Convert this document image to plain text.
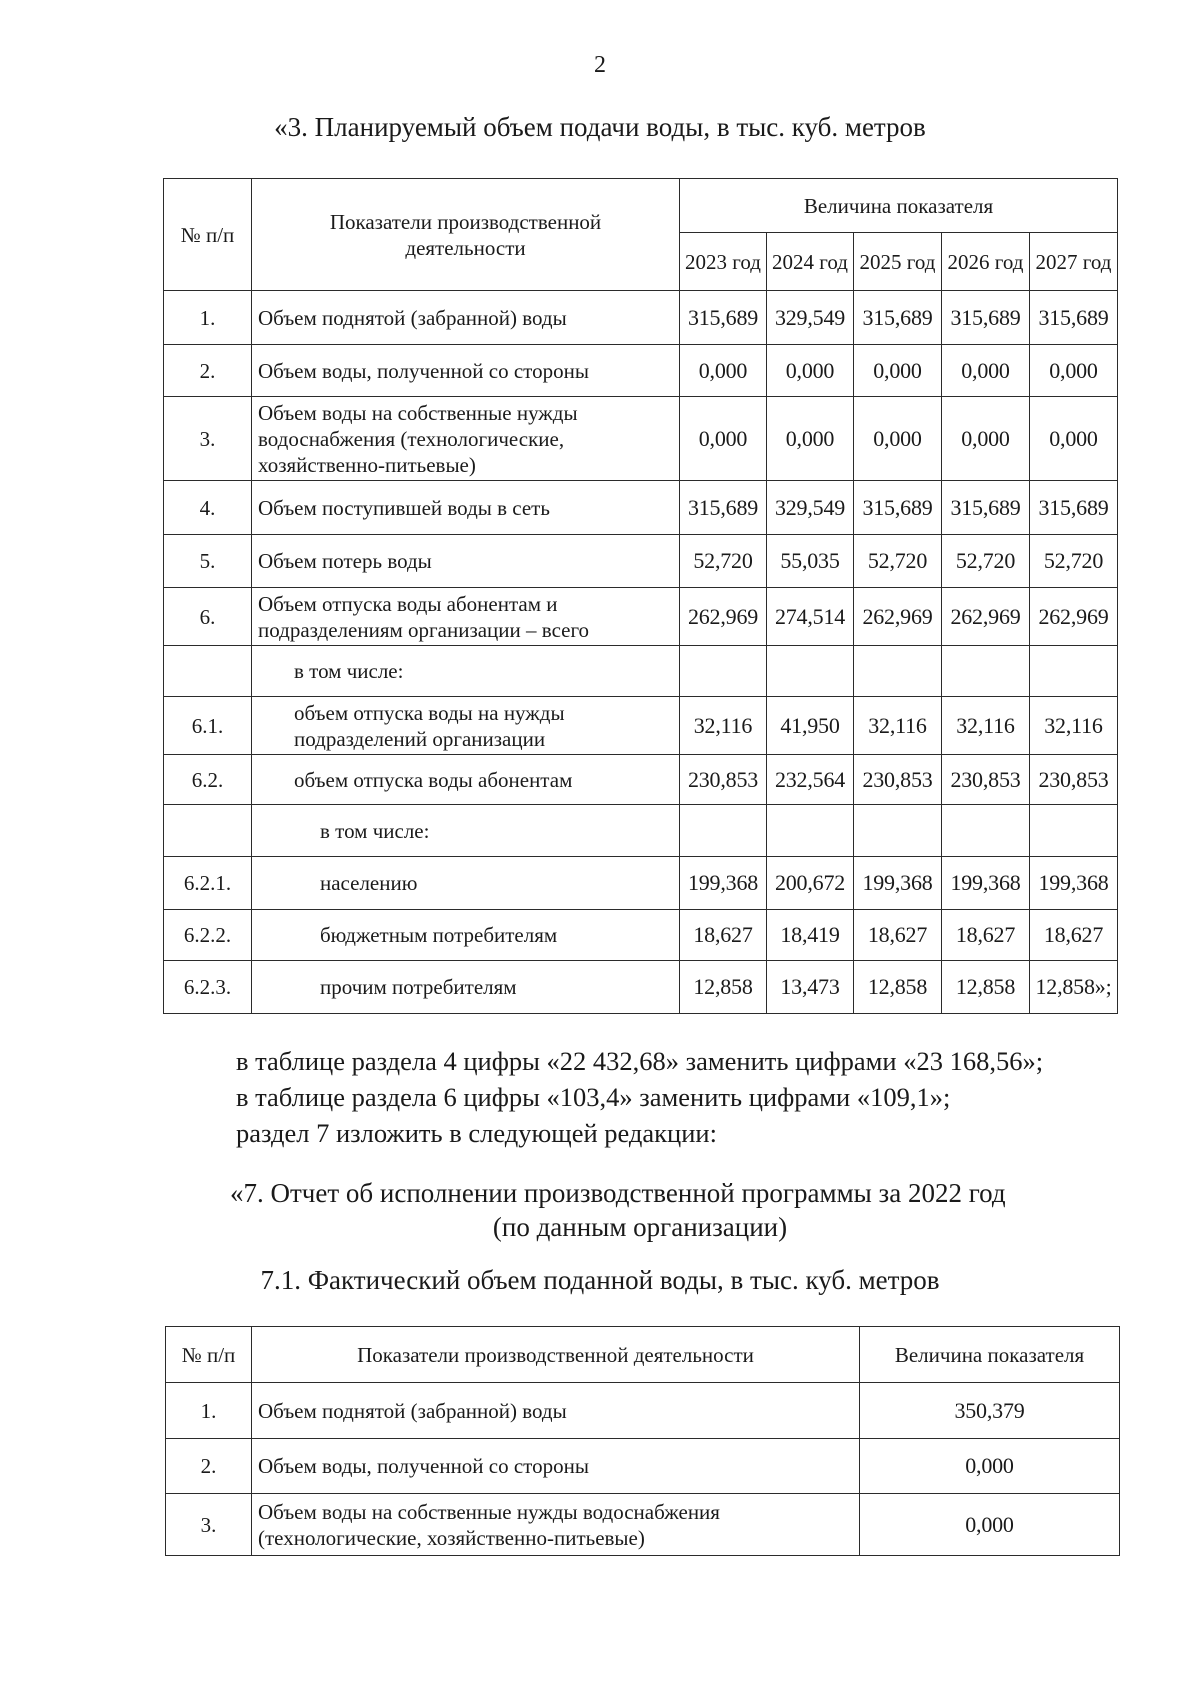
2
«3. Планируемый объем подачи воды, в тыс. куб. метров
№ п/п	Показатели производственной деятельности	Величина показателя				
		2023 год	2024 год	2025 год	2026 год	2027 год
1.	Объем поднятой (забранной) воды	315,689	329,549	315,689	315,689	315,689
2.	Объем воды, полученной со стороны	0,000	0,000	0,000	0,000	0,000
3.	Объем воды на собственные нужды водоснабжения (технологические, хозяйственно-питьевые)	0,000	0,000	0,000	0,000	0,000
4.	Объем поступившей воды в сеть	315,689	329,549	315,689	315,689	315,689
5.	Объем потерь воды	52,720	55,035	52,720	52,720	52,720
6.	Объем отпуска воды абонентам и подразделениям организации – всего	262,969	274,514	262,969	262,969	262,969
	в том числе:					
6.1.	объем отпуска воды на нужды подразделений организации	32,116	41,950	32,116	32,116	32,116
6.2.	объем отпуска воды абонентам	230,853	232,564	230,853	230,853	230,853
	в том числе:					
6.2.1.	населению	199,368	200,672	199,368	199,368	199,368
6.2.2.	бюджетным потребителям	18,627	18,419	18,627	18,627	18,627
6.2.3.	прочим потребителям	12,858	13,473	12,858	12,858	12,858»;
в таблице раздела 4 цифры «22 432,68» заменить цифрами «23 168,56»;
в таблице раздела 6 цифры «103,4» заменить цифрами «109,1»;
раздел 7 изложить в следующей редакции:
«7. Отчет об исполнении производственной программы за 2022 год
(по данным организации)
7.1. Фактический объем поданной воды, в тыс. куб. метров
№ п/п	Показатели производственной деятельности	Величина показателя
1.	Объем поднятой (забранной) воды	350,379
2.	Объем воды, полученной со стороны	0,000
3.	Объем воды на собственные нужды водоснабжения (технологические, хозяйственно-питьевые)	0,000
